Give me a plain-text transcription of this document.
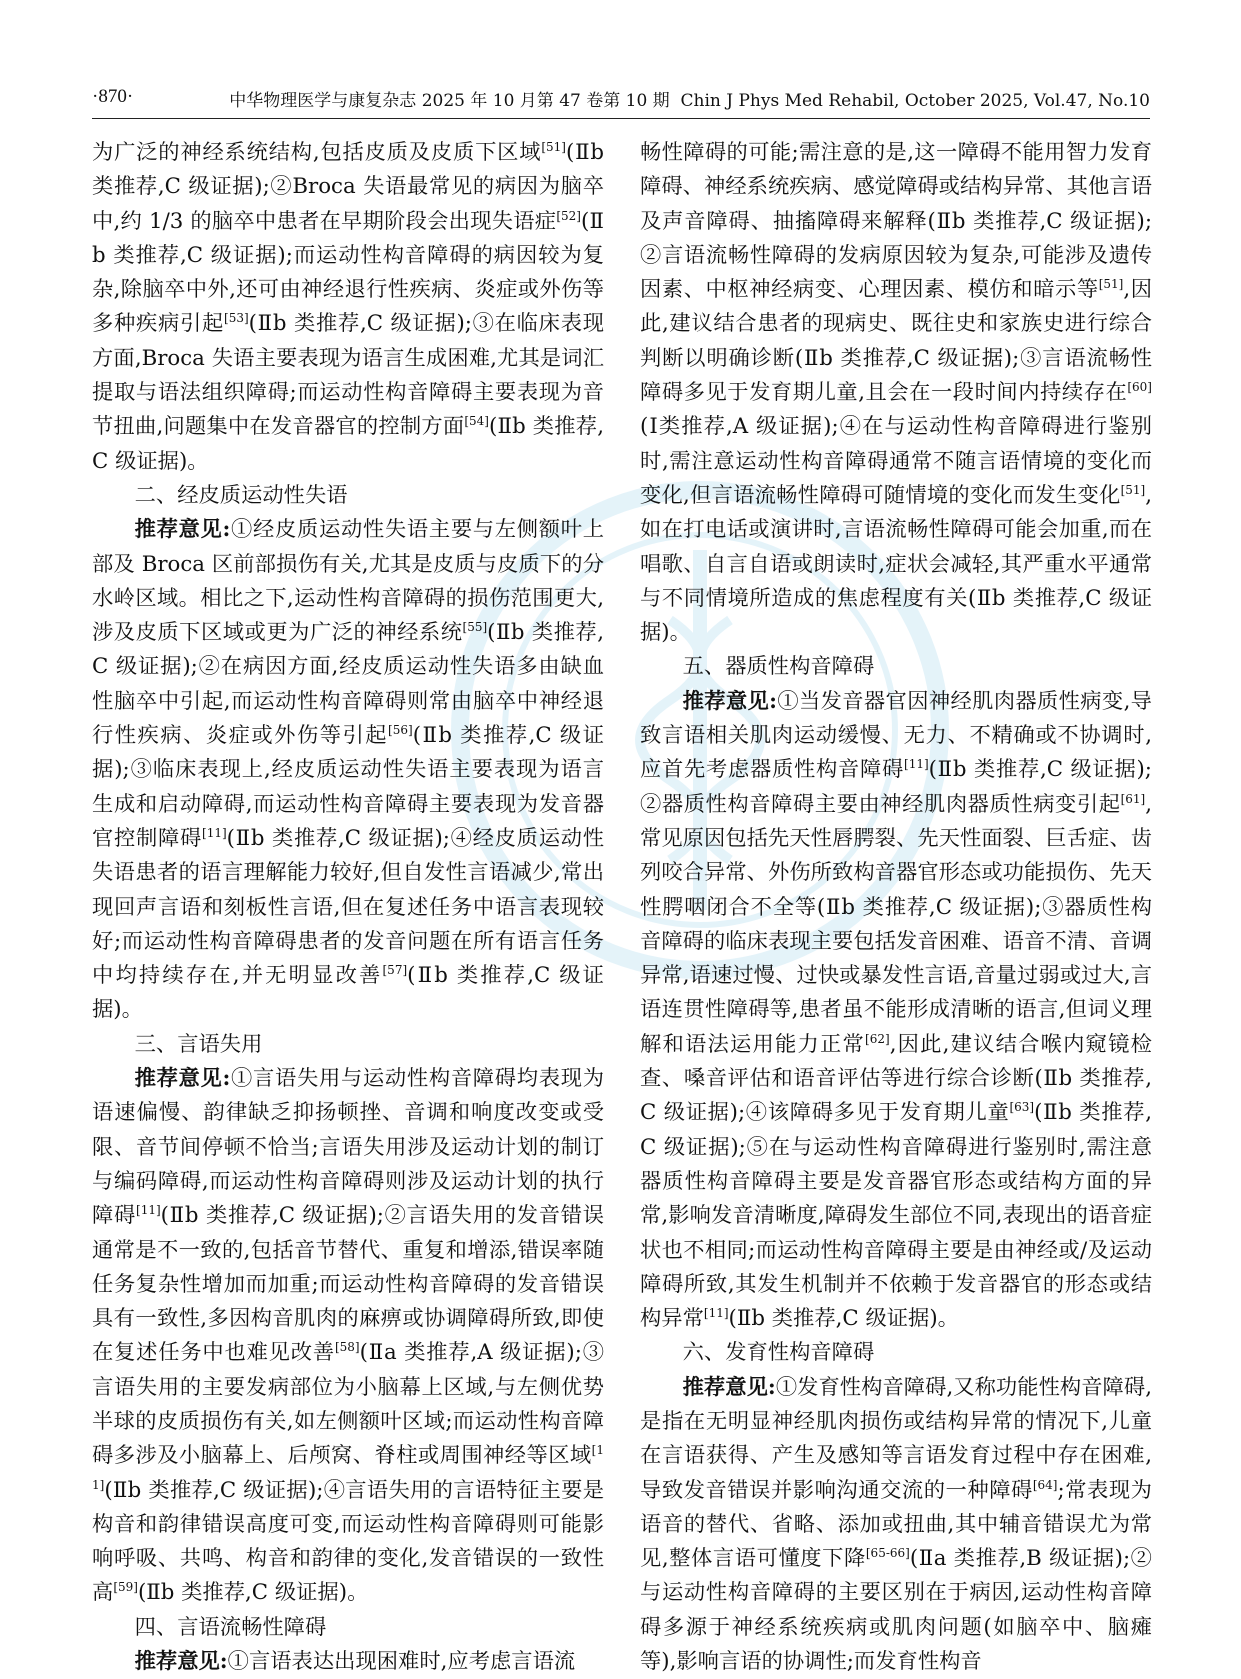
·870·	中华物理医学与康复杂志 2025 年 10 月第 47 卷第 10 期 Chin J Phys Med Rehabil, October 2025, Vol.47, No.10

为广泛的神经系统结构,包括皮质及皮质下区域[51](Ⅱb 类推荐,C 级证据);②Broca 失语最常见的病因为脑卒中,约 1/3 的脑卒中患者在早期阶段会出现失语症[52](Ⅱb 类推荐,C 级证据);而运动性构音障碍的病因较为复杂,除脑卒中外,还可由神经退行性疾病、炎症或外伤等多种疾病引起[53](Ⅱb 类推荐,C 级证据);③在临床表现方面,Broca 失语主要表现为语言生成困难,尤其是词汇提取与语法组织障碍;而运动性构音障碍主要表现为音节扭曲,问题集中在发音器官的控制方面[54](Ⅱb 类推荐,C 级证据)。

二、经皮质运动性失语

推荐意见:①经皮质运动性失语主要与左侧额叶上部及 Broca 区前部损伤有关,尤其是皮质与皮质下的分水岭区域。相比之下,运动性构音障碍的损伤范围更大,涉及皮质下区域或更为广泛的神经系统[55](Ⅱb 类推荐,C 级证据);②在病因方面,经皮质运动性失语多由缺血性脑卒中引起,而运动性构音障碍则常由脑卒中神经退行性疾病、炎症或外伤等引起[56](Ⅱb 类推荐,C 级证据);③临床表现上,经皮质运动性失语主要表现为语言生成和启动障碍,而运动性构音障碍主要表现为发音器官控制障碍[11](Ⅱb 类推荐,C 级证据);④经皮质运动性失语患者的语言理解能力较好,但自发性言语减少,常出现回声言语和刻板性言语,但在复述任务中语言表现较好;而运动性构音障碍患者的发音问题在所有语言任务中均持续存在,并无明显改善[57](Ⅱb 类推荐,C 级证据)。

三、言语失用

推荐意见:①言语失用与运动性构音障碍均表现为语速偏慢、韵律缺乏抑扬顿挫、音调和响度改变或受限、音节间停顿不恰当;言语失用涉及运动计划的制订与编码障碍,而运动性构音障碍则涉及运动计划的执行障碍[11](Ⅱb 类推荐,C 级证据);②言语失用的发音错误通常是不一致的,包括音节替代、重复和增添,错误率随任务复杂性增加而加重;而运动性构音障碍的发音错误具有一致性,多因构音肌肉的麻痹或协调障碍所致,即使在复述任务中也难见改善[58](Ⅱa 类推荐,A 级证据);③言语失用的主要发病部位为小脑幕上区域,与左侧优势半球的皮质损伤有关,如左侧额叶区域;而运动性构音障碍多涉及小脑幕上、后颅窝、脊柱或周围神经等区域[11](Ⅱb 类推荐,C 级证据);④言语失用的言语特征主要是构音和韵律错误高度可变,而运动性构音障碍则可能影响呼吸、共鸣、构音和韵律的变化,发音错误的一致性高[59](Ⅱb 类推荐,C 级证据)。

四、言语流畅性障碍

推荐意见:①言语表达出现困难时,应考虑言语流

畅性障碍的可能;需注意的是,这一障碍不能用智力发育障碍、神经系统疾病、感觉障碍或结构异常、其他言语及声音障碍、抽搐障碍来解释(Ⅱb 类推荐,C 级证据);②言语流畅性障碍的发病原因较为复杂,可能涉及遗传因素、中枢神经病变、心理因素、模仿和暗示等[51],因此,建议结合患者的现病史、既往史和家族史进行综合判断以明确诊断(Ⅱb 类推荐,C 级证据);③言语流畅性障碍多见于发育期儿童,且会在一段时间内持续存在[60](Ⅰ类推荐,A 级证据);④在与运动性构音障碍进行鉴别时,需注意运动性构音障碍通常不随言语情境的变化而变化,但言语流畅性障碍可随情境的变化而发生变化[51],如在打电话或演讲时,言语流畅性障碍可能会加重,而在唱歌、自言自语或朗读时,症状会减轻,其严重水平通常与不同情境所造成的焦虑程度有关(Ⅱb 类推荐,C 级证据)。

五、器质性构音障碍

推荐意见:①当发音器官因神经肌肉器质性病变,导致言语相关肌肉运动缓慢、无力、不精确或不协调时,应首先考虑器质性构音障碍[11](Ⅱb 类推荐,C 级证据);②器质性构音障碍主要由神经肌肉器质性病变引起[61],常见原因包括先天性唇腭裂、先天性面裂、巨舌症、齿列咬合异常、外伤所致构音器官形态或功能损伤、先天性腭咽闭合不全等(Ⅱb 类推荐,C 级证据);③器质性构音障碍的临床表现主要包括发音困难、语音不清、音调异常,语速过慢、过快或暴发性言语,音量过弱或过大,言语连贯性障碍等,患者虽不能形成清晰的语言,但词义理解和语法运用能力正常[62],因此,建议结合喉内窥镜检查、嗓音评估和语音评估等进行综合诊断(Ⅱb 类推荐,C 级证据);④该障碍多见于发育期儿童[63](Ⅱb 类推荐,C 级证据);⑤在与运动性构音障碍进行鉴别时,需注意器质性构音障碍主要是发音器官形态或结构方面的异常,影响发音清晰度,障碍发生部位不同,表现出的语音症状也不相同;而运动性构音障碍主要是由神经或/及运动障碍所致,其发生机制并不依赖于发音器官的形态或结构异常[11](Ⅱb 类推荐,C 级证据)。

六、发育性构音障碍

推荐意见:①发育性构音障碍,又称功能性构音障碍,是指在无明显神经肌肉损伤或结构异常的情况下,儿童在言语获得、产生及感知等言语发育过程中存在困难,导致发音错误并影响沟通交流的一种障碍[64];常表现为语音的替代、省略、添加或扭曲,其中辅音错误尤为常见,整体言语可懂度下降[65-66](Ⅱa 类推荐,B 级证据);②与运动性构音障碍的主要区别在于病因,运动性构音障碍多源于神经系统疾病或肌肉问题(如脑卒中、脑瘫等),影响言语的协调性;而发育性构音
